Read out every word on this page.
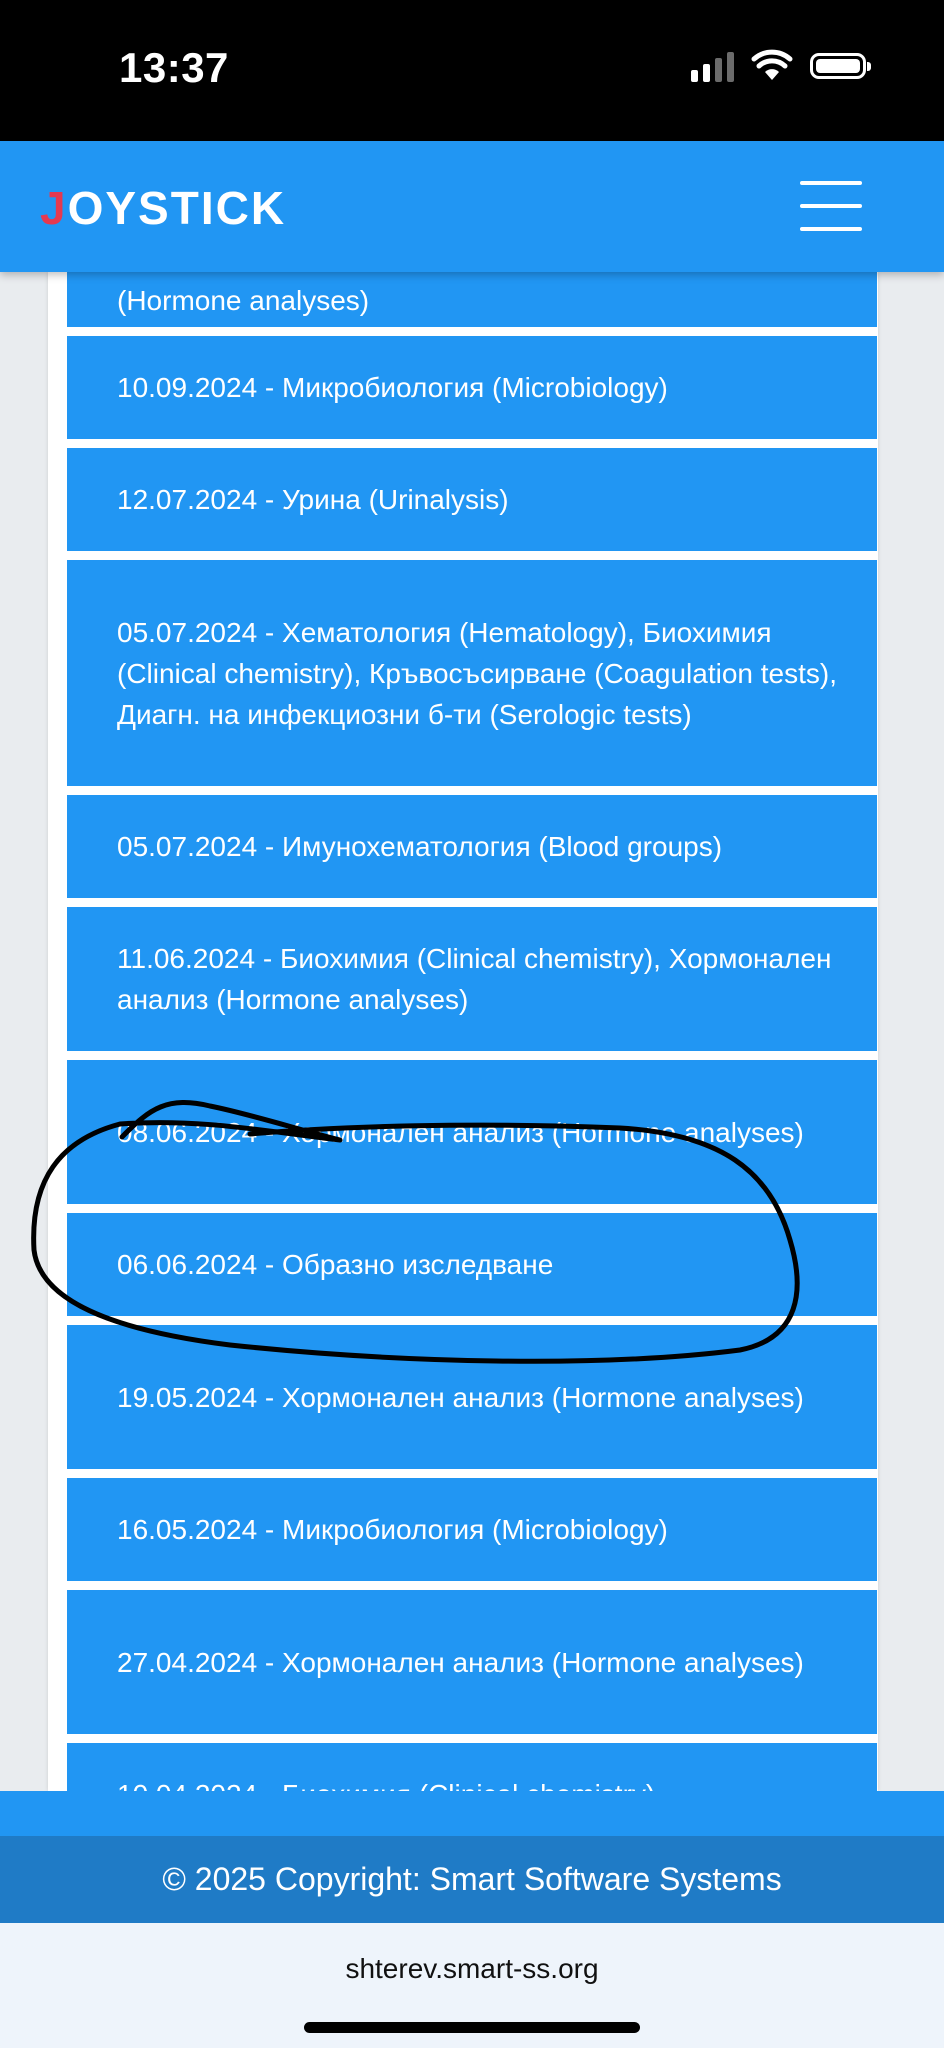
13:37
JOYSTICK
(Hormone analyses)
10.09.2024 - Микробиология (Microbiology)
12.07.2024 - Урина (Urinalysis)
05.07.2024 - Хематология (Hematology), Биохимия (Clinical chemistry), Кръвосъсирване (Coagulation tests), Диагн. на инфекциозни б-ти (Serologic tests)
05.07.2024 - Имунохематология (Blood groups)
11.06.2024 - Биохимия (Clinical chemistry), Хормонален анализ (Hormone analyses)
08.06.2024 - Хормонален анализ (Hormone analyses)
06.06.2024 - Образно изследване
19.05.2024 - Хормонален анализ (Hormone analyses)
16.05.2024 - Микробиология (Microbiology)
27.04.2024 - Хормонален анализ (Hormone analyses)
© 2025 Copyright: Smart Software Systems
shterev.smart-ss.org
